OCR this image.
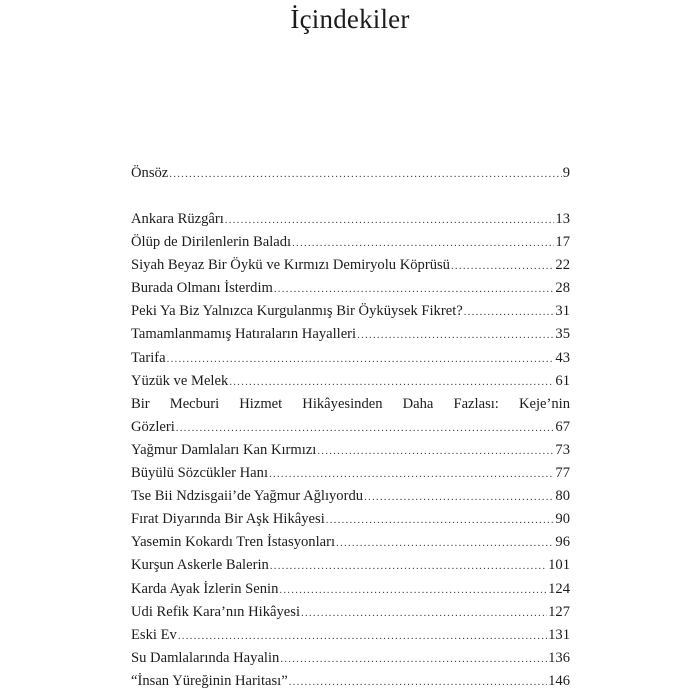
İçindekiler
Önsöz .....	9
Ankara Rüzgârı .....	13
Ölüp de Dirilenlerin Baladı .....	17
Siyah Beyaz Bir Öykü ve Kırmızı Demiryolu Köprüsü .....	22
Burada Olmanı İsterdim .....	28
Peki Ya Biz Yalnızca Kurgulanmış Bir Öyküysek Fikret? .....	31
Tamamlanmamış Hatıraların Hayalleri .....	35
Tarifa .....	43
Yüzük ve Melek .....	61
Bir Mecburi Hizmet Hikâyesinden Daha Fazlası: Keje’nin
Gözleri .....	67
Yağmur Damlaları Kan Kırmızı .....	73
Büyülü Sözcükler Hanı .....	77
Tse Bii Ndzisgaii’de Yağmur Ağlıyordu .....	80
Fırat Diyarında Bir Aşk Hikâyesi .....	90
Yasemin Kokardı Tren İstasyonları .....	96
Kurşun Askerle Balerin .....	101
Karda Ayak İzlerin Senin .....	124
Udi Refik Kara’nın Hikâyesi .....	127
Eski Ev .....	131
Su Damlalarında Hayalin .....	136
“İnsan Yüreğinin Haritası” .....	146
